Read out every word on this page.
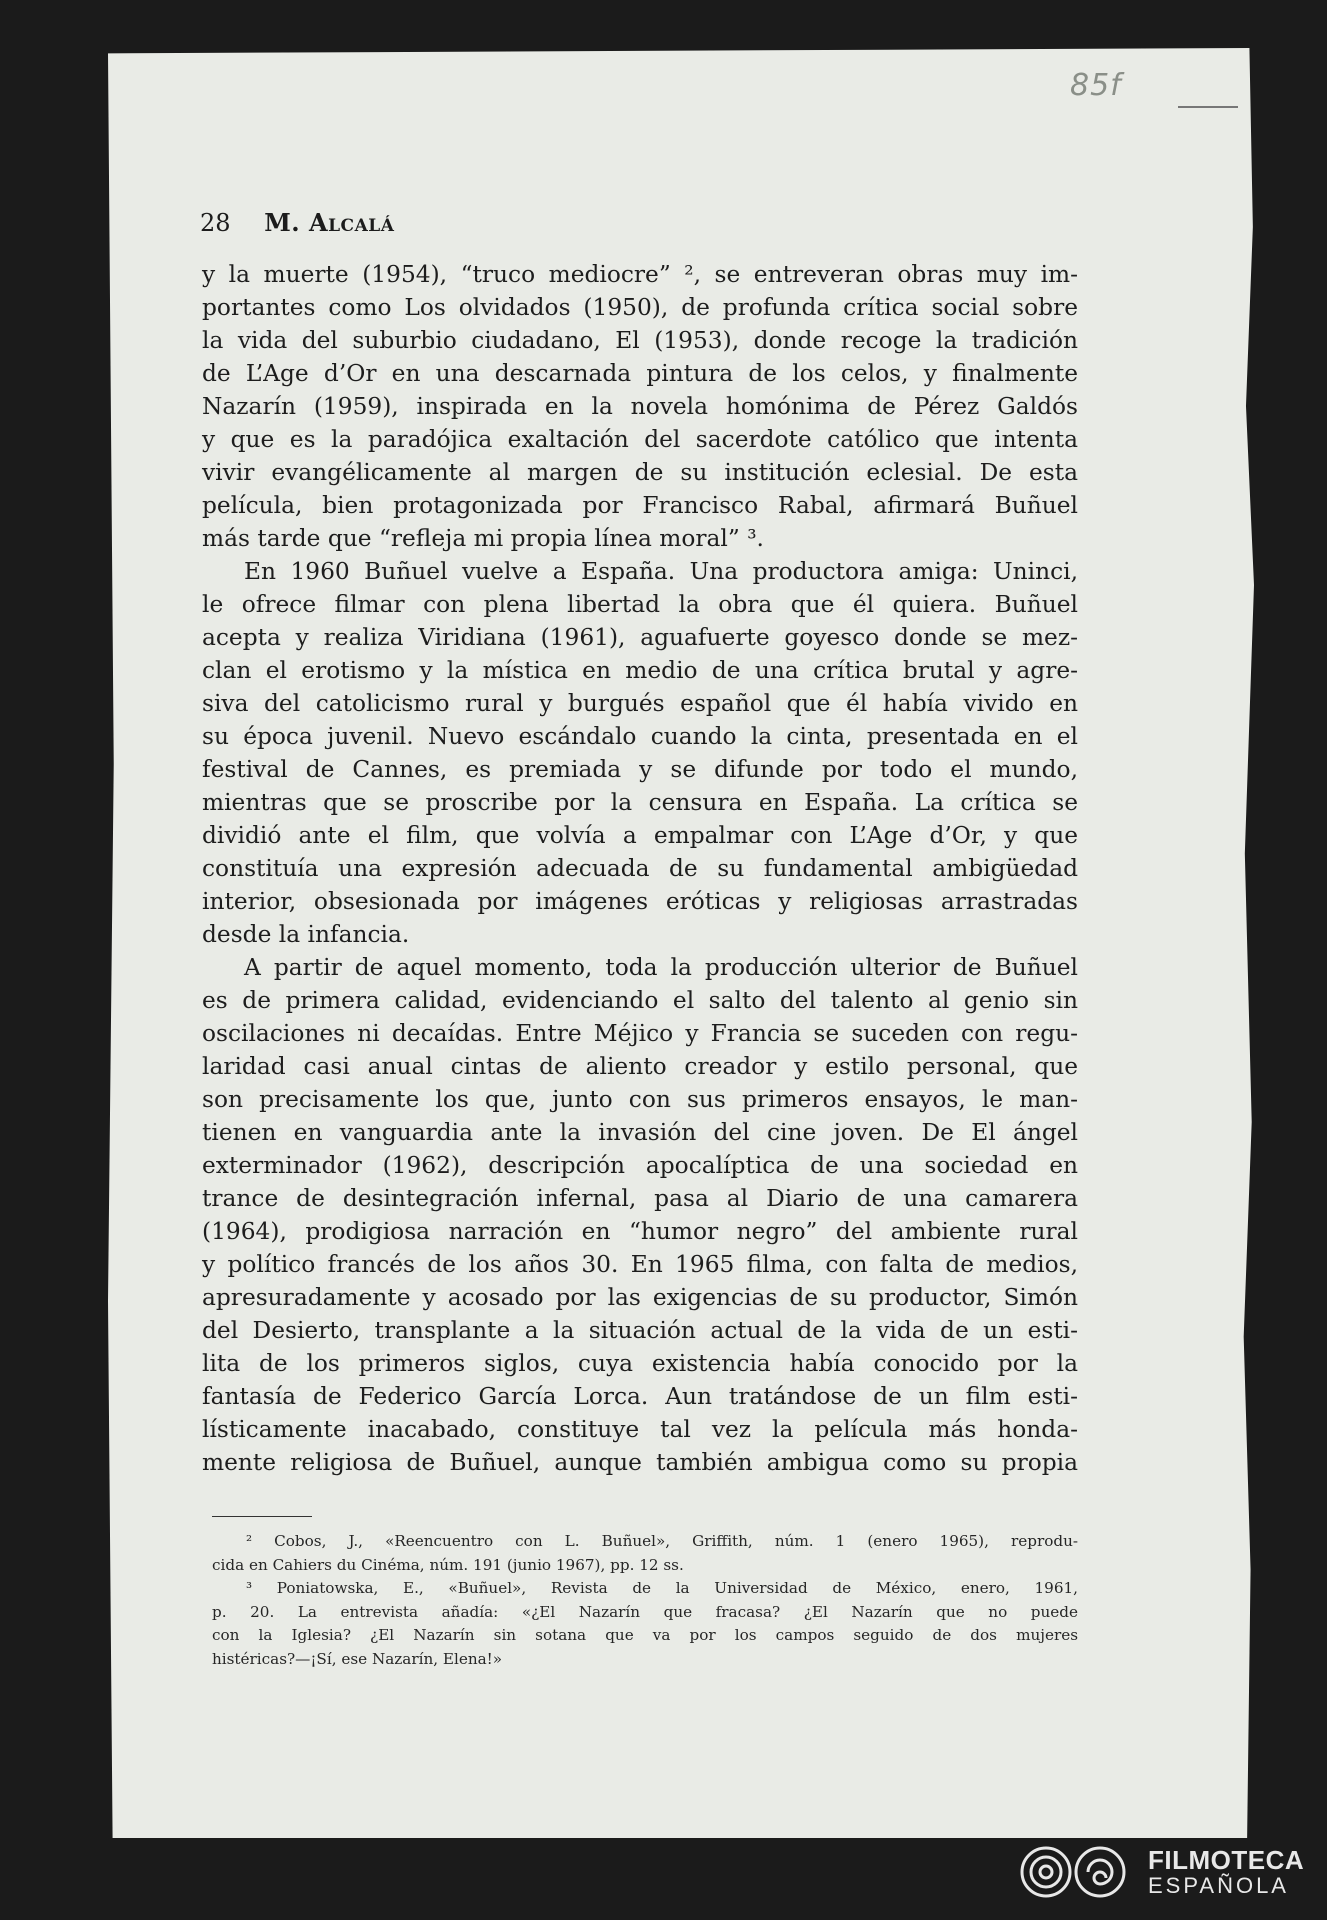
85f
28 M. Alcalá
y la muerte (1954), “truco mediocre” ², se entreveran obras muy im-
portantes como Los olvidados (1950), de profunda crítica social sobre
la vida del suburbio ciudadano, El (1953), donde recoge la tradición
de L’Age d’Or en una descarnada pintura de los celos, y finalmente
Nazarín (1959), inspirada en la novela homónima de Pérez Galdós
y que es la paradójica exaltación del sacerdote católico que intenta
vivir evangélicamente al margen de su institución eclesial. De esta
película, bien protagonizada por Francisco Rabal, afirmará Buñuel
más tarde que “refleja mi propia línea moral” ³.
En 1960 Buñuel vuelve a España. Una productora amiga: Uninci,
le ofrece filmar con plena libertad la obra que él quiera. Buñuel
acepta y realiza Viridiana (1961), aguafuerte goyesco donde se mez-
clan el erotismo y la mística en medio de una crítica brutal y agre-
siva del catolicismo rural y burgués español que él había vivido en
su época juvenil. Nuevo escándalo cuando la cinta, presentada en el
festival de Cannes, es premiada y se difunde por todo el mundo,
mientras que se proscribe por la censura en España. La crítica se
dividió ante el film, que volvía a empalmar con L’Age d’Or, y que
constituía una expresión adecuada de su fundamental ambigüedad
interior, obsesionada por imágenes eróticas y religiosas arrastradas
desde la infancia.
A partir de aquel momento, toda la producción ulterior de Buñuel
es de primera calidad, evidenciando el salto del talento al genio sin
oscilaciones ni decaídas. Entre Méjico y Francia se suceden con regu-
laridad casi anual cintas de aliento creador y estilo personal, que
son precisamente los que, junto con sus primeros ensayos, le man-
tienen en vanguardia ante la invasión del cine joven. De El ángel
exterminador (1962), descripción apocalíptica de una sociedad en
trance de desintegración infernal, pasa al Diario de una camarera
(1964), prodigiosa narración en “humor negro” del ambiente rural
y político francés de los años 30. En 1965 filma, con falta de medios,
apresuradamente y acosado por las exigencias de su productor, Simón
del Desierto, transplante a la situación actual de la vida de un esti-
lita de los primeros siglos, cuya existencia había conocido por la
fantasía de Federico García Lorca. Aun tratándose de un film esti-
lísticamente inacabado, constituye tal vez la película más honda-
mente religiosa de Buñuel, aunque también ambigua como su propia
² Cobos, J., «Reencuentro con L. Buñuel», Griffith, núm. 1 (enero 1965), reprodu-
cida en Cahiers du Cinéma, núm. 191 (junio 1967), pp. 12 ss.
³ Poniatowska, E., «Buñuel», Revista de la Universidad de México, enero, 1961,
p. 20. La entrevista añadía: «¿El Nazarín que fracasa? ¿El Nazarín que no puede
con la Iglesia? ¿El Nazarín sin sotana que va por los campos seguido de dos mujeres
histéricas?—¡Sí, ese Nazarín, Elena!»
FILMOTECA
ESPAÑOLA
